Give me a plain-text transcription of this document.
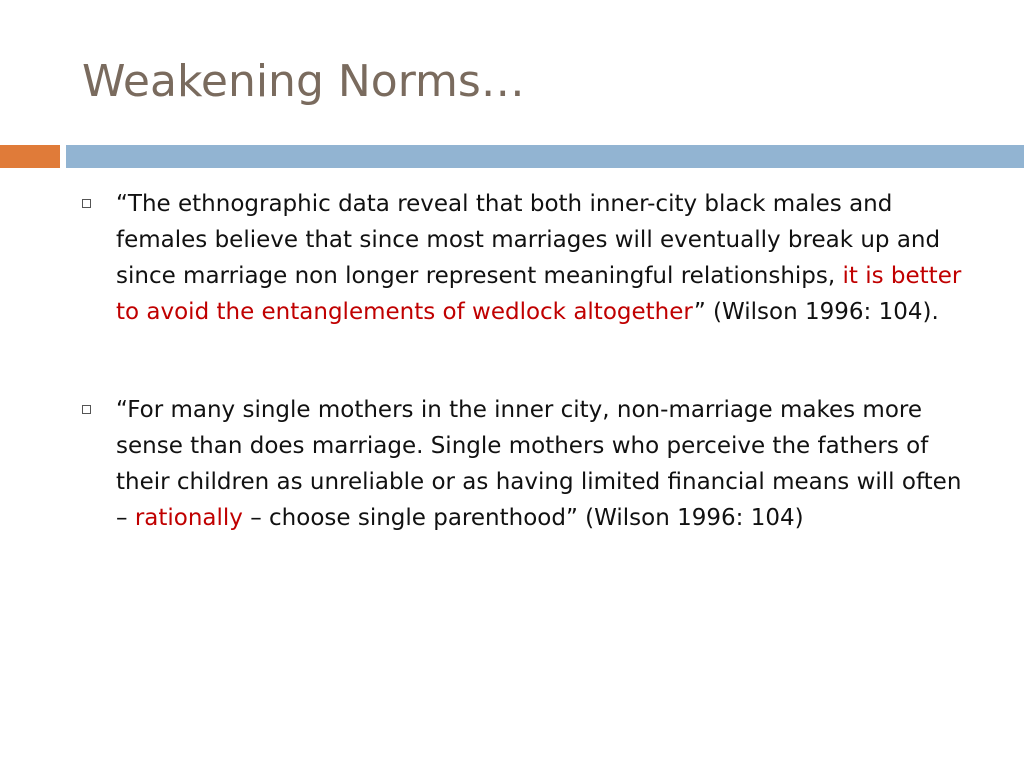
Weakening Norms…
“The ethnographic data reveal that both inner-city black males and females believe that since most marriages will eventually break up and since marriage non longer represent meaningful relationships, it is better to avoid the entanglements of wedlock altogether” (Wilson 1996: 104).
“For many single mothers in the inner city, non-marriage makes more sense than does marriage. Single mothers who perceive the fathers of their children as unreliable or as having limited financial means will often – rationally – choose single parenthood” (Wilson 1996: 104)
